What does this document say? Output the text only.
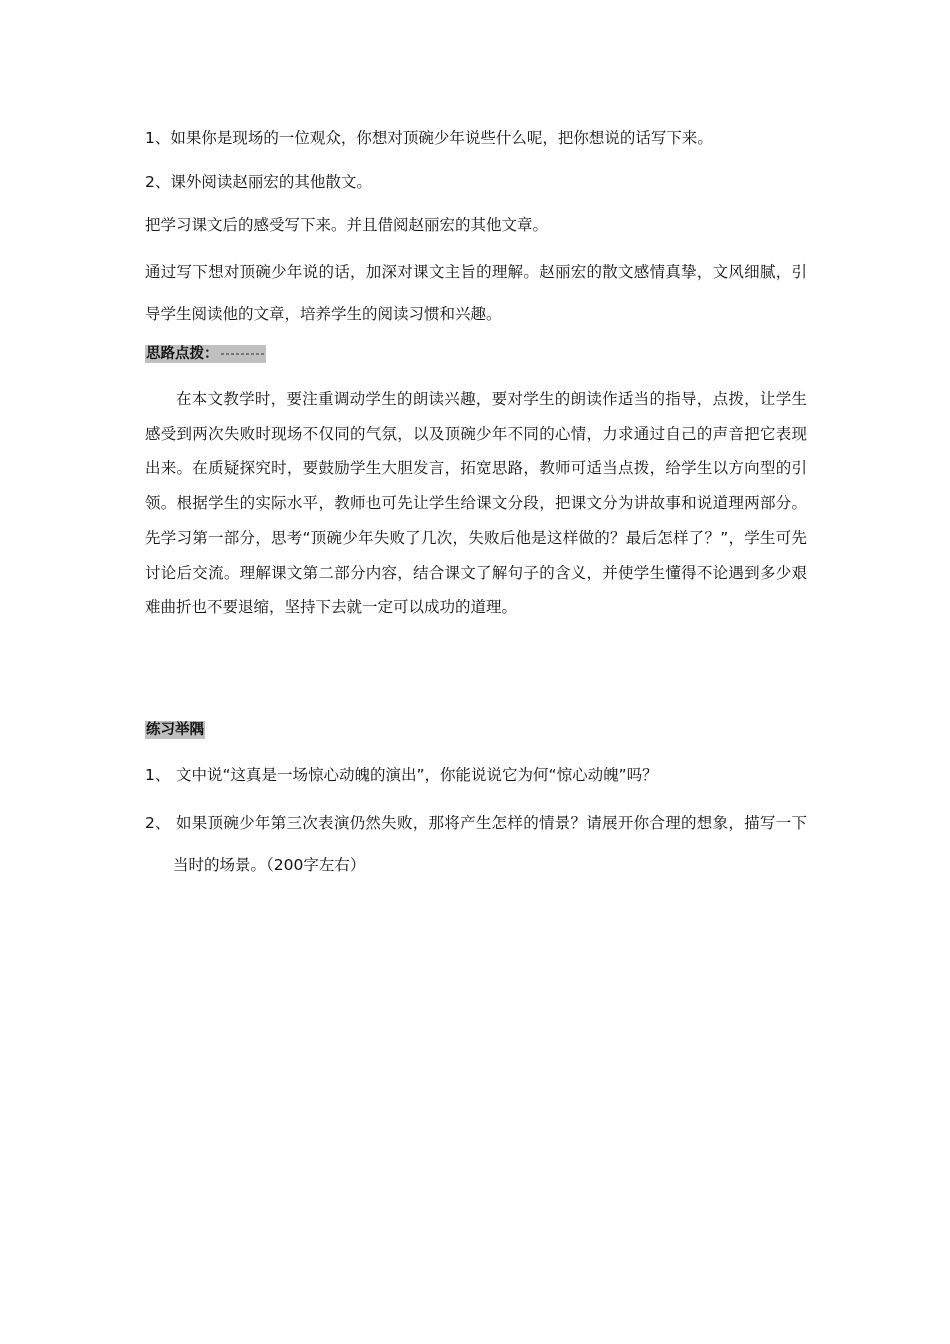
1、如果你是现场的一位观众，你想对顶碗少年说些什么呢，把你想说的话写下来。
2、课外阅读赵丽宏的其他散文。
把学习课文后的感受写下来。并且借阅赵丽宏的其他文章。
通过写下想对顶碗少年说的话，加深对课文主旨的理解。赵丽宏的散文感情真挚，文风细腻，引导学生阅读他的文章，培养学生的阅读习惯和兴趣。
思路点拨：
在本文教学时，要注重调动学生的朗读兴趣，要对学生的朗读作适当的指导，点拨，让学生感受到两次失败时现场不仅同的气氛，以及顶碗少年不同的心情，力求通过自己的声音把它表现出来。在质疑探究时，要鼓励学生大胆发言，拓宽思路，教师可适当点拨，给学生以方向型的引领。根据学生的实际水平，教师也可先让学生给课文分段，把课文分为讲故事和说道理两部分。先学习第一部分，思考“顶碗少年失败了几次，失败后他是这样做的？最后怎样了？”，学生可先讨论后交流。理解课文第二部分内容，结合课文了解句子的含义，并使学生懂得不论遇到多少艰难曲折也不要退缩，坚持下去就一定可以成功的道理。
练习举隅
1、 文中说“这真是一场惊心动魄的演出”，你能说说它为何“惊心动魄”吗？
2、 如果顶碗少年第三次表演仍然失败，那将产生怎样的情景？请展开你合理的想象，描写一下当时的场景。（200字左右）
